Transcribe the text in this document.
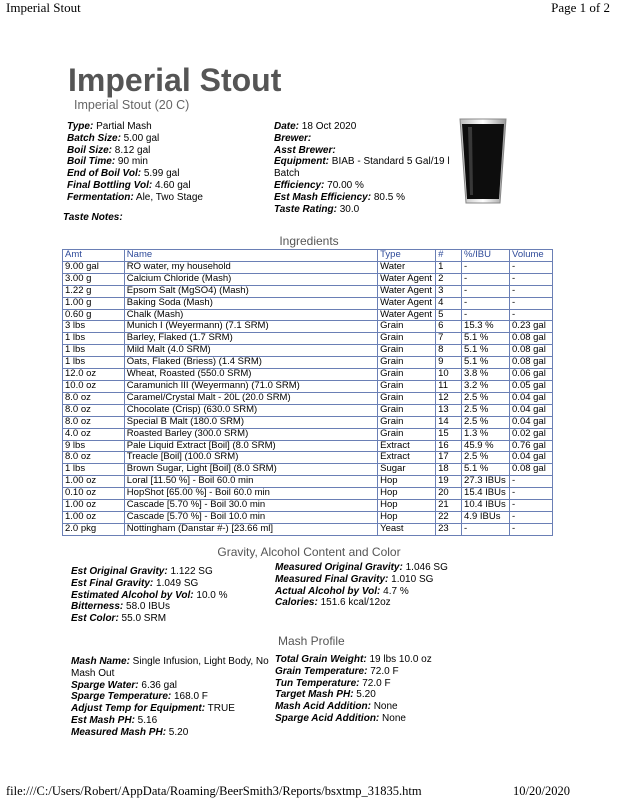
Imperial Stout	Page 1 of 2
Imperial Stout
Imperial Stout (20 C)
Type: Partial Mash
Batch Size: 5.00 gal
Boil Size: 8.12 gal
Boil Time: 90 min
End of Boil Vol: 5.99 gal
Final Bottling Vol: 4.60 gal
Fermentation: Ale, Two Stage
Date: 18 Oct 2020
Brewer:
Asst Brewer:
Equipment: BIAB - Standard 5 Gal/19 l Batch
Efficiency: 70.00 %
Est Mash Efficiency: 80.5 %
Taste Rating: 30.0
Taste Notes:
Ingredients
Amt	Name	Type	#	%/IBU	Volume
9.00 gal	RO water, my household	Water	1	-	-
3.00 g	Calcium Chloride (Mash)	Water Agent	2	-	-
1.22 g	Epsom Salt (MgSO4) (Mash)	Water Agent	3	-	-
1.00 g	Baking Soda (Mash)	Water Agent	4	-	-
0.60 g	Chalk (Mash)	Water Agent	5	-	-
3 lbs	Munich I (Weyermann) (7.1 SRM)	Grain	6	15.3 %	0.23 gal
1 lbs	Barley, Flaked (1.7 SRM)	Grain	7	5.1 %	0.08 gal
1 lbs	Mild Malt (4.0 SRM)	Grain	8	5.1 %	0.08 gal
1 lbs	Oats, Flaked (Briess) (1.4 SRM)	Grain	9	5.1 %	0.08 gal
12.0 oz	Wheat, Roasted (550.0 SRM)	Grain	10	3.8 %	0.06 gal
10.0 oz	Caramunich III (Weyermann) (71.0 SRM)	Grain	11	3.2 %	0.05 gal
8.0 oz	Caramel/Crystal Malt - 20L (20.0 SRM)	Grain	12	2.5 %	0.04 gal
8.0 oz	Chocolate (Crisp) (630.0 SRM)	Grain	13	2.5 %	0.04 gal
8.0 oz	Special B Malt (180.0 SRM)	Grain	14	2.5 %	0.04 gal
4.0 oz	Roasted Barley (300.0 SRM)	Grain	15	1.3 %	0.02 gal
9 lbs	Pale Liquid Extract [Boil] (8.0 SRM)	Extract	16	45.9 %	0.76 gal
8.0 oz	Treacle [Boil] (100.0 SRM)	Extract	17	2.5 %	0.04 gal
1 lbs	Brown Sugar, Light [Boil] (8.0 SRM)	Sugar	18	5.1 %	0.08 gal
1.00 oz	Loral [11.50 %] - Boil 60.0 min	Hop	19	27.3 IBUs	-
0.10 oz	HopShot [65.00 %] - Boil 60.0 min	Hop	20	15.4 IBUs	-
1.00 oz	Cascade [5.70 %] - Boil 30.0 min	Hop	21	10.4 IBUs	-
1.00 oz	Cascade [5.70 %] - Boil 10.0 min	Hop	22	4.9 IBUs	-
2.0 pkg	Nottingham (Danstar #-) [23.66 ml]	Yeast	23	-	-
Gravity, Alcohol Content and Color
Est Original Gravity: 1.122 SG
Est Final Gravity: 1.049 SG
Estimated Alcohol by Vol: 10.0 %
Bitterness: 58.0 IBUs
Est Color: 55.0 SRM
Measured Original Gravity: 1.046 SG
Measured Final Gravity: 1.010 SG
Actual Alcohol by Vol: 4.7 %
Calories: 151.6 kcal/12oz
Mash Profile
Mash Name: Single Infusion, Light Body, No Mash Out
Sparge Water: 6.36 gal
Sparge Temperature: 168.0 F
Adjust Temp for Equipment: TRUE
Est Mash PH: 5.16
Measured Mash PH: 5.20
Total Grain Weight: 19 lbs 10.0 oz
Grain Temperature: 72.0 F
Tun Temperature: 72.0 F
Target Mash PH: 5.20
Mash Acid Addition: None
Sparge Acid Addition: None
file:///C:/Users/Robert/AppData/Roaming/BeerSmith3/Reports/bsxtmp_31835.htm	10/20/2020
